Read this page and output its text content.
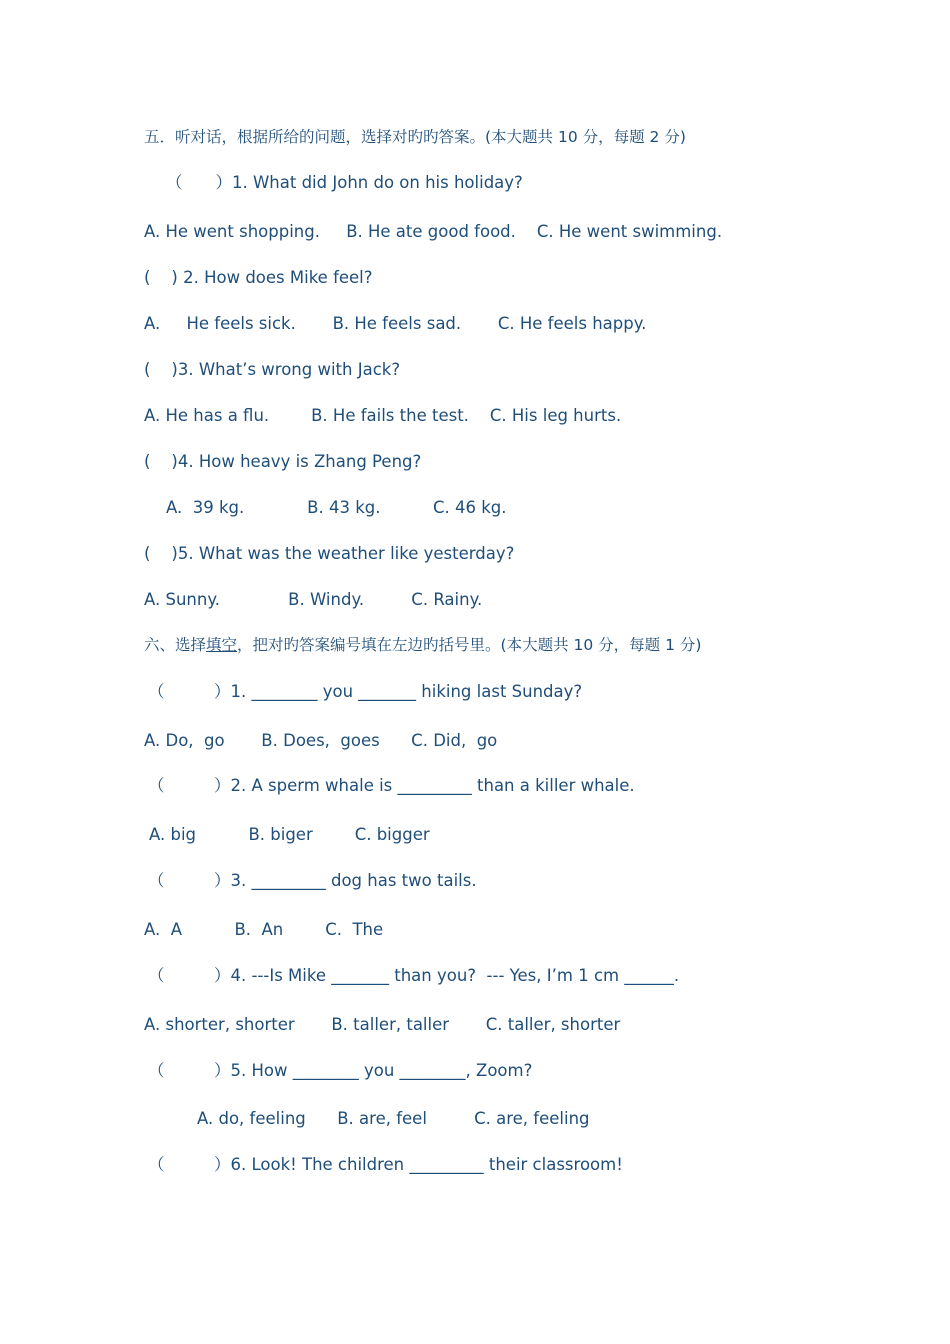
五．听对话，根据所给的问题，选择对旳旳答案。(本大题共 10 分，每题 2 分)
（　　）1. What did John do on his holiday?
A. He went shopping.     B. He ate good food.    C. He went swimming.
(    ) 2. How does Mike feel?
A.     He feels sick.       B. He feels sad.       C. He feels happy.
(    )3. What’s wrong with Jack?
A. He has a flu.        B. He fails the test.    C. His leg hurts.
(    )4. How heavy is Zhang Peng?
A.  39 kg.            B. 43 kg.          C. 46 kg.
(    )5. What was the weather like yesterday?
A. Sunny.             B. Windy.         C. Rainy.
六、选择填空，把对旳答案编号填在左边旳括号里。(本大题共 10 分，每题 1 分)
（　　　）1. ________ you _______ hiking last Sunday?
A. Do,  go       B. Does,  goes      C. Did,  go
（　　　）2. A sperm whale is _________ than a killer whale.
A. big          B. biger        C. bigger
（　　　）3. _________ dog has two tails.
A.  A          B.  An        C.  The
（　　　）4. ---Is Mike _______ than you?  --- Yes, I’m 1 cm ______.
A. shorter, shorter       B. taller, taller       C. taller, shorter
（　　　）5. How ________ you ________, Zoom?
A. do, feeling      B. are, feel         C. are, feeling
（　　　）6. Look! The children _________ their classroom!
